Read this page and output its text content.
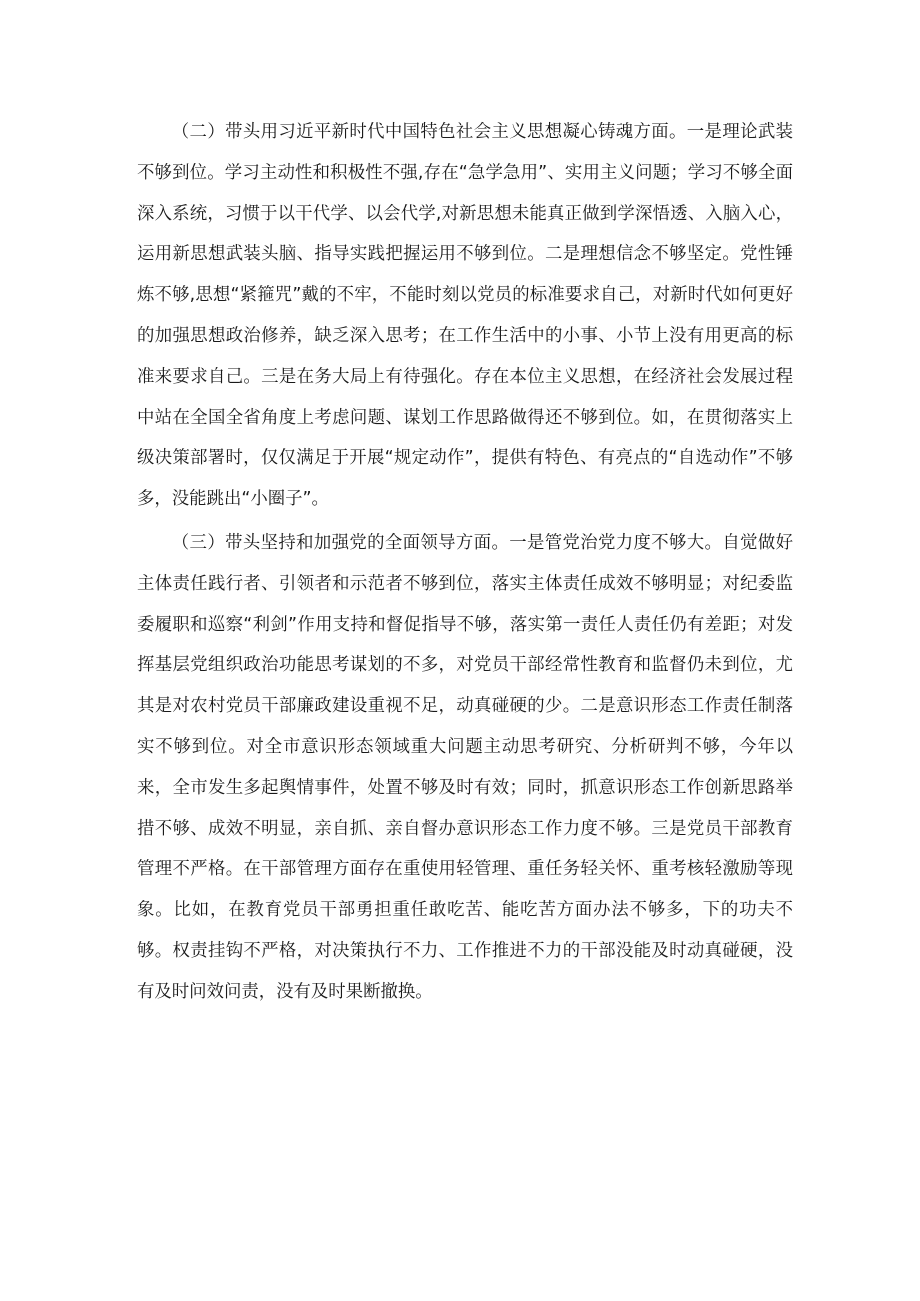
（二）带头用习近平新时代中国特色社会主义思想凝心铸魂方面。一是理论武装不够到位。学习主动性和积极性不强,存在“急学急用”、实用主义问题；学习不够全面深入系统，习惯于以干代学、以会代学,对新思想未能真正做到学深悟透、入脑入心，运用新思想武装头脑、指导实践把握运用不够到位。二是理想信念不够坚定。党性锤炼不够,思想“紧箍咒”戴的不牢，不能时刻以党员的标准要求自己，对新时代如何更好的加强思想政治修养，缺乏深入思考；在工作生活中的小事、小节上没有用更高的标准来要求自己。三是在务大局上有待强化。存在本位主义思想，在经济社会发展过程中站在全国全省角度上考虑问题、谋划工作思路做得还不够到位。如，在贯彻落实上级决策部署时，仅仅满足于开展“规定动作”，提供有特色、有亮点的“自选动作”不够多，没能跳出“小圈子”。

（三）带头坚持和加强党的全面领导方面。一是管党治党力度不够大。自觉做好主体责任践行者、引领者和示范者不够到位，落实主体责任成效不够明显；对纪委监委履职和巡察“利剑”作用支持和督促指导不够，落实第一责任人责任仍有差距；对发挥基层党组织政治功能思考谋划的不多，对党员干部经常性教育和监督仍未到位，尤其是对农村党员干部廉政建设重视不足，动真碰硬的少。二是意识形态工作责任制落实不够到位。对全市意识形态领域重大问题主动思考研究、分析研判不够，今年以来，全市发生多起舆情事件，处置不够及时有效；同时，抓意识形态工作创新思路举措不够、成效不明显，亲自抓、亲自督办意识形态工作力度不够。三是党员干部教育管理不严格。在干部管理方面存在重使用轻管理、重任务轻关怀、重考核轻激励等现象。比如，在教育党员干部勇担重任敢吃苦、能吃苦方面办法不够多，下的功夫不够。权责挂钩不严格，对决策执行不力、工作推进不力的干部没能及时动真碰硬，没有及时问效问责，没有及时果断撤换。
